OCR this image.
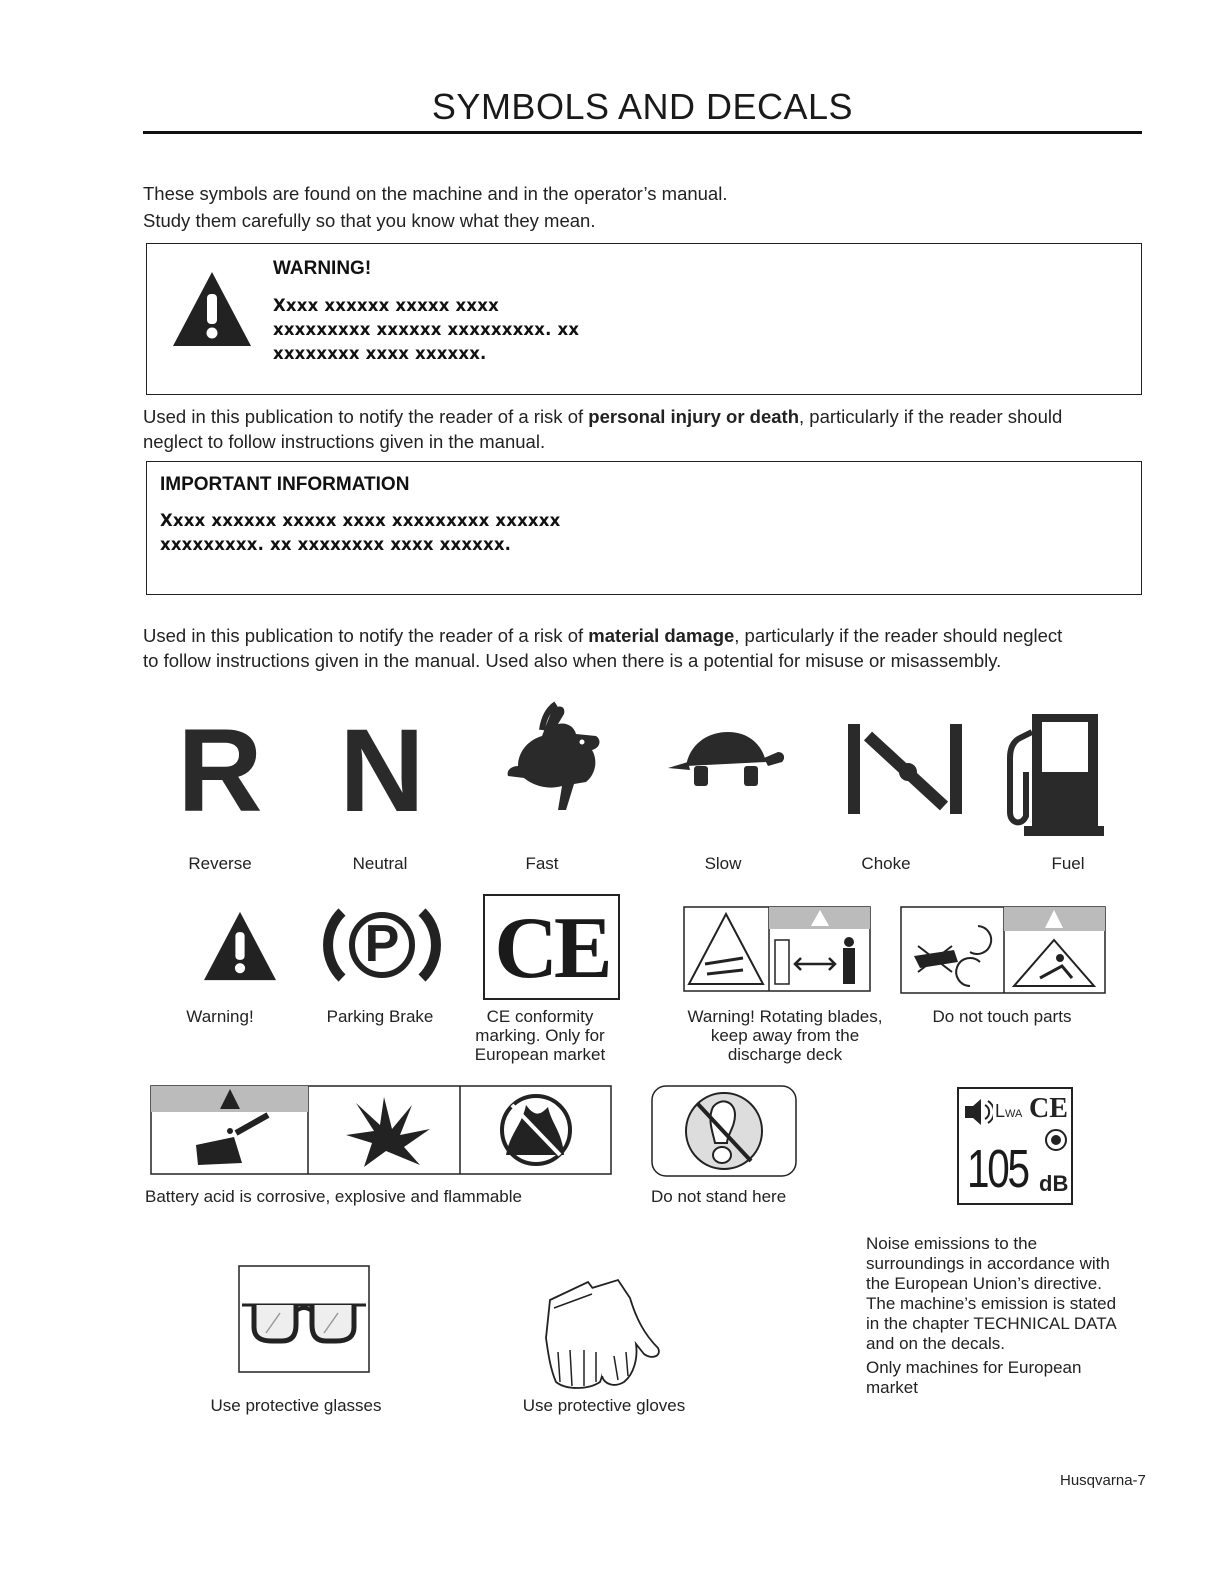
SYMBOLS AND DECALS
These symbols are found on the machine and in the operator’s manual.
Study them carefully so that you know what they mean.
WARNING!
Xxxx xxxxxx xxxxx xxxx
xxxxxxxxx xxxxxx xxxxxxxxx. xx
xxxxxxxx xxxx xxxxxx.
Used in this publication to notify the reader of a risk of personal injury or death, particularly if the reader should
neglect to follow instructions given in the manual.
IMPORTANT INFORMATION
Xxxx xxxxxx xxxxx xxxx xxxxxxxxx xxxxxx
xxxxxxxxx. xx xxxxxxxx xxxx xxxxxx.
Used in this publication to notify the reader of a risk of material damage, particularly if the reader should neglect
to follow instructions given in the manual. Used also when there is a potential for misuse or misassembly.
R N
Reverse	Neutral	Fast	Slow	Choke	Fuel
P CE
Warning!	Parking Brake	CE conformity
marking. Only for
European market
Warning! Rotating blades,
keep away from the
discharge deck
Do not touch parts
LWA CE
105 dB
Battery acid is corrosive, explosive and flammable	Do not stand here
Noise emissions to the
surroundings in accordance with
the European Union’s directive.
The machine’s emission is stated
in the chapter TECHNICAL DATA
and on the decals.
Only machines for European
market
Use protective glasses	Use protective gloves
Husqvarna-7
